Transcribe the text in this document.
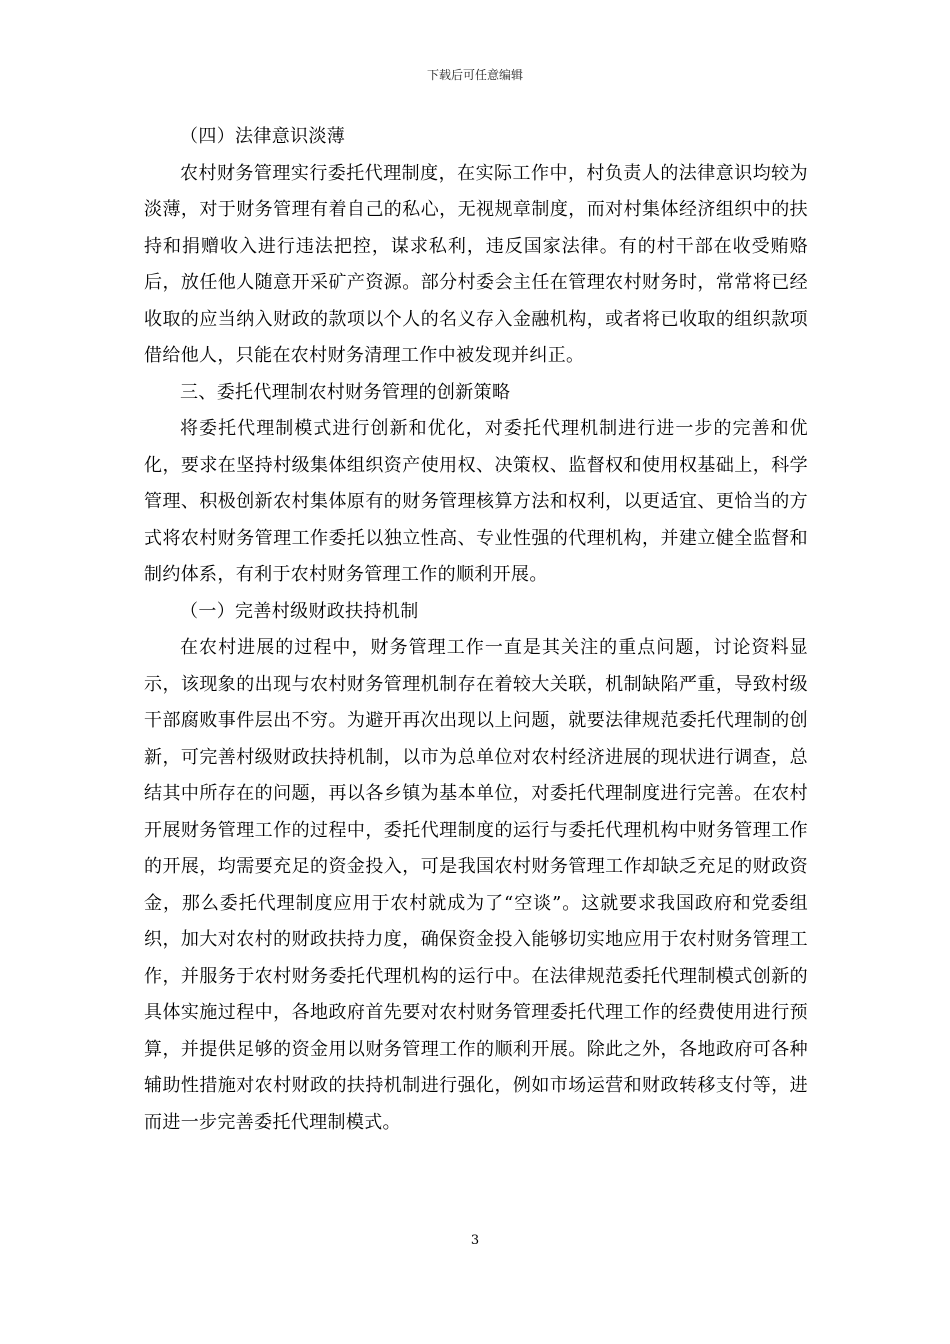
下载后可任意编辑

（四）法律意识淡薄

农村财务管理实行委托代理制度，在实际工作中，村负责人的法律意识均较为淡薄，对于财务管理有着自己的私心，无视规章制度，而对村集体经济组织中的扶持和捐赠收入进行违法把控，谋求私利，违反国家法律。有的村干部在收受贿赂后，放任他人随意开采矿产资源。部分村委会主任在管理农村财务时，常常将已经收取的应当纳入财政的款项以个人的名义存入金融机构，或者将已收取的组织款项借给他人，只能在农村财务清理工作中被发现并纠正。

三、委托代理制农村财务管理的创新策略

将委托代理制模式进行创新和优化，对委托代理机制进行进一步的完善和优化，要求在坚持村级集体组织资产使用权、决策权、监督权和使用权基础上，科学管理、积极创新农村集体原有的财务管理核算方法和权利，以更适宜、更恰当的方式将农村财务管理工作委托以独立性高、专业性强的代理机构，并建立健全监督和制约体系，有利于农村财务管理工作的顺利开展。

（一）完善村级财政扶持机制

在农村进展的过程中，财务管理工作一直是其关注的重点问题，讨论资料显示，该现象的出现与农村财务管理机制存在着较大关联，机制缺陷严重，导致村级干部腐败事件层出不穷。为避开再次出现以上问题，就要法律规范委托代理制的创新，可完善村级财政扶持机制，以市为总单位对农村经济进展的现状进行调查，总结其中所存在的问题，再以各乡镇为基本单位，对委托代理制度进行完善。在农村开展财务管理工作的过程中，委托代理制度的运行与委托代理机构中财务管理工作的开展，均需要充足的资金投入，可是我国农村财务管理工作却缺乏充足的财政资金，那么委托代理制度应用于农村就成为了“空谈”。这就要求我国政府和党委组织，加大对农村的财政扶持力度，确保资金投入能够切实地应用于农村财务管理工作，并服务于农村财务委托代理机构的运行中。在法律规范委托代理制模式创新的具体实施过程中，各地政府首先要对农村财务管理委托代理工作的经费使用进行预算，并提供足够的资金用以财务管理工作的顺利开展。除此之外，各地政府可各种辅助性措施对农村财政的扶持机制进行强化，例如市场运营和财政转移支付等，进而进一步完善委托代理制模式。

3
